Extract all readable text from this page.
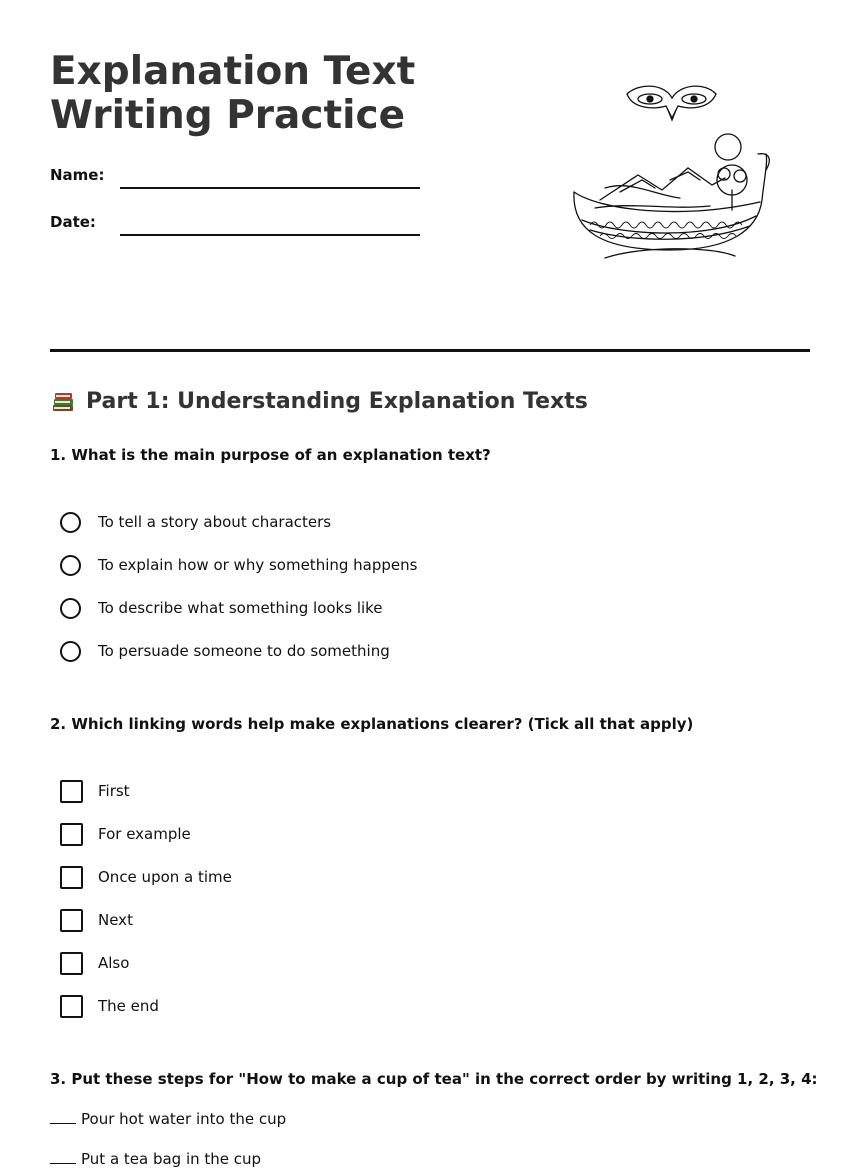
Explanation Text
Writing Practice
Name:
Date:
Part 1: Understanding Explanation Texts

1. What is the main purpose of an explanation text?

To tell a story about characters
To explain how or why something happens
To describe what something looks like
To persuade someone to do something

2. Which linking words help make explanations clearer? (Tick all that apply)

First
For example
Once upon a time
Next
Also
The end

3. Put these steps for "How to make a cup of tea" in the correct order by writing 1, 2, 3, 4:

Pour hot water into the cup
Put a tea bag in the cup
